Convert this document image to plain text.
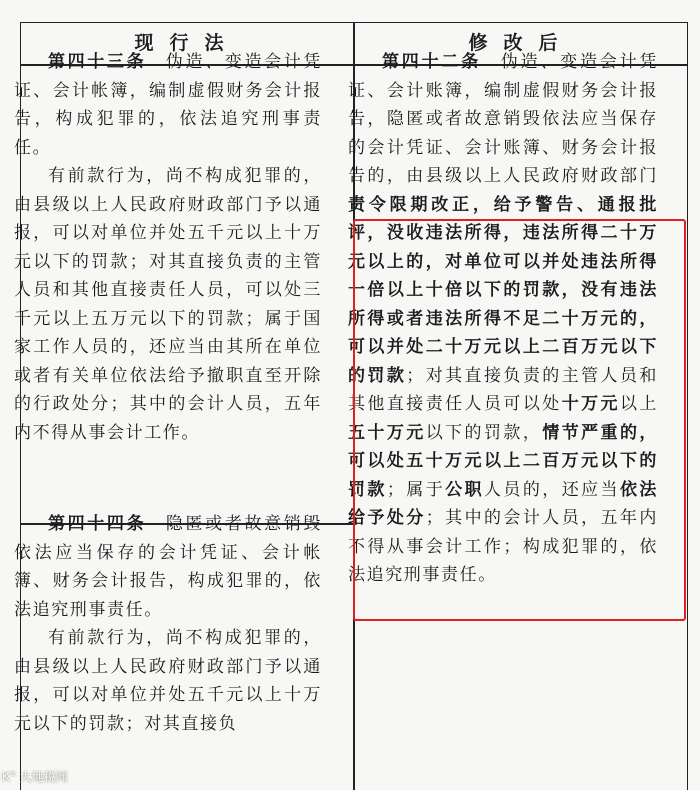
现行法	修改后

第四十三条　 伪造、变造会计凭证、会计帐簿，编制虚假财务会计报告，构成犯罪的，依法追究刑事责任。

有前款行为，尚不构成犯罪的，由县级以上人民政府财政部门予以通报，可以对单位并处五千元以上十万元以下的罚款；对其直接负责的主管人员和其他直接责任人员，可以处三千元以上五万元以下的罚款；属于国家工作人员的，还应当由其所在单位或者有关单位依法给予撤职直至开除的行政处分；其中的会计人员，五年内不得从事会计工作。

第四十四条　 隐匿或者故意销毁依法应当保存的会计凭证、会计帐簿、财务会计报告，构成犯罪的，依法追究刑事责任。

有前款行为，尚不构成犯罪的，由县级以上人民政府财政部门予以通报，可以对单位并处五千元以上十万元以下的罚款；对其直接负

第四十二条　 伪造、变造会计凭证、会计账簿，编制虚假财务会计报告，隐匿或者故意销毁依法应当保存的会计凭证、会计账簿、财务会计报告的，由县级以上人民政府财政部门责令限期改正，给予警告、通报批评，没收违法所得，违法所得二十万元以上的，对单位可以并处违法所得一倍以上十倍以下的罚款，没有违法所得或者违法所得不足二十万元的，可以并处二十万元以上二百万元以下的罚款；对其直接负责的主管人员和其他直接责任人员可以处十万元以上五十万元以下的罚款，情节严重的，可以处五十万元以上二百万元以下的罚款；属于公职人员的，还应当依法给予处分；其中的会计人员，五年内不得从事会计工作；构成犯罪的，依法追究刑事责任。

K° 大地税闻
